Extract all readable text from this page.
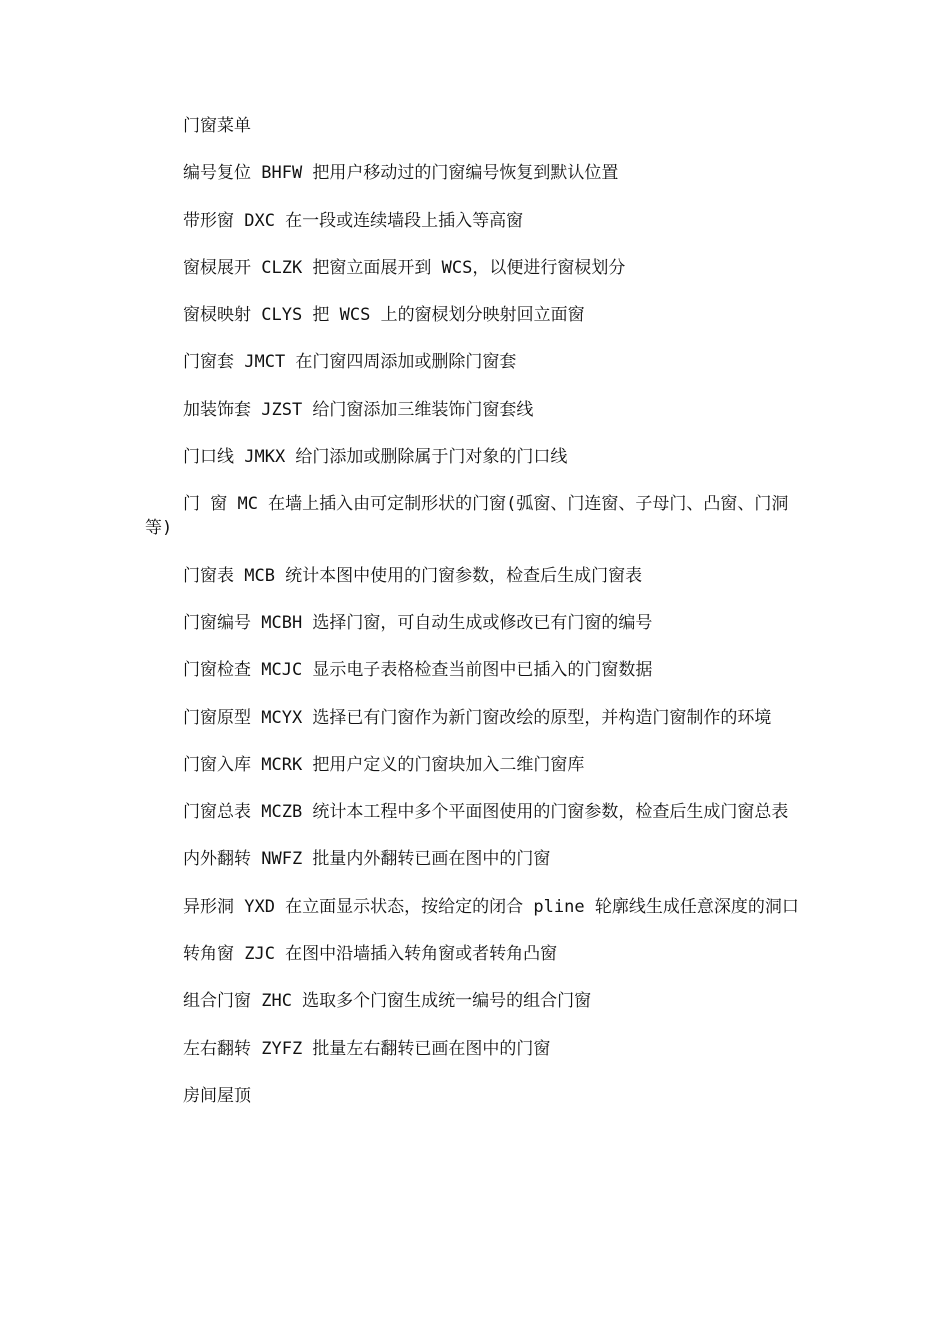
门窗菜单

编号复位 BHFW 把用户移动过的门窗编号恢复到默认位置

带形窗 DXC 在一段或连续墙段上插入等高窗

窗棂展开 CLZK 把窗立面展开到 WCS，以便进行窗棂划分

窗棂映射 CLYS 把 WCS 上的窗棂划分映射回立面窗

门窗套 JMCT 在门窗四周添加或删除门窗套

加装饰套 JZST 给门窗添加三维装饰门窗套线

门口线 JMKX 给门添加或删除属于门对象的门口线

门 窗 MC 在墙上插入由可定制形状的门窗(弧窗、门连窗、子母门、凸窗、门洞等)

门窗表 MCB 统计本图中使用的门窗参数，检查后生成门窗表

门窗编号 MCBH 选择门窗，可自动生成或修改已有门窗的编号

门窗检查 MCJC 显示电子表格检查当前图中已插入的门窗数据

门窗原型 MCYX 选择已有门窗作为新门窗改绘的原型，并构造门窗制作的环境

门窗入库 MCRK 把用户定义的门窗块加入二维门窗库

门窗总表 MCZB 统计本工程中多个平面图使用的门窗参数，检查后生成门窗总表

内外翻转 NWFZ 批量内外翻转已画在图中的门窗

异形洞 YXD 在立面显示状态，按给定的闭合 pline 轮廓线生成任意深度的洞口

转角窗 ZJC 在图中沿墙插入转角窗或者转角凸窗

组合门窗 ZHC 选取多个门窗生成统一编号的组合门窗

左右翻转 ZYFZ 批量左右翻转已画在图中的门窗

房间屋顶
